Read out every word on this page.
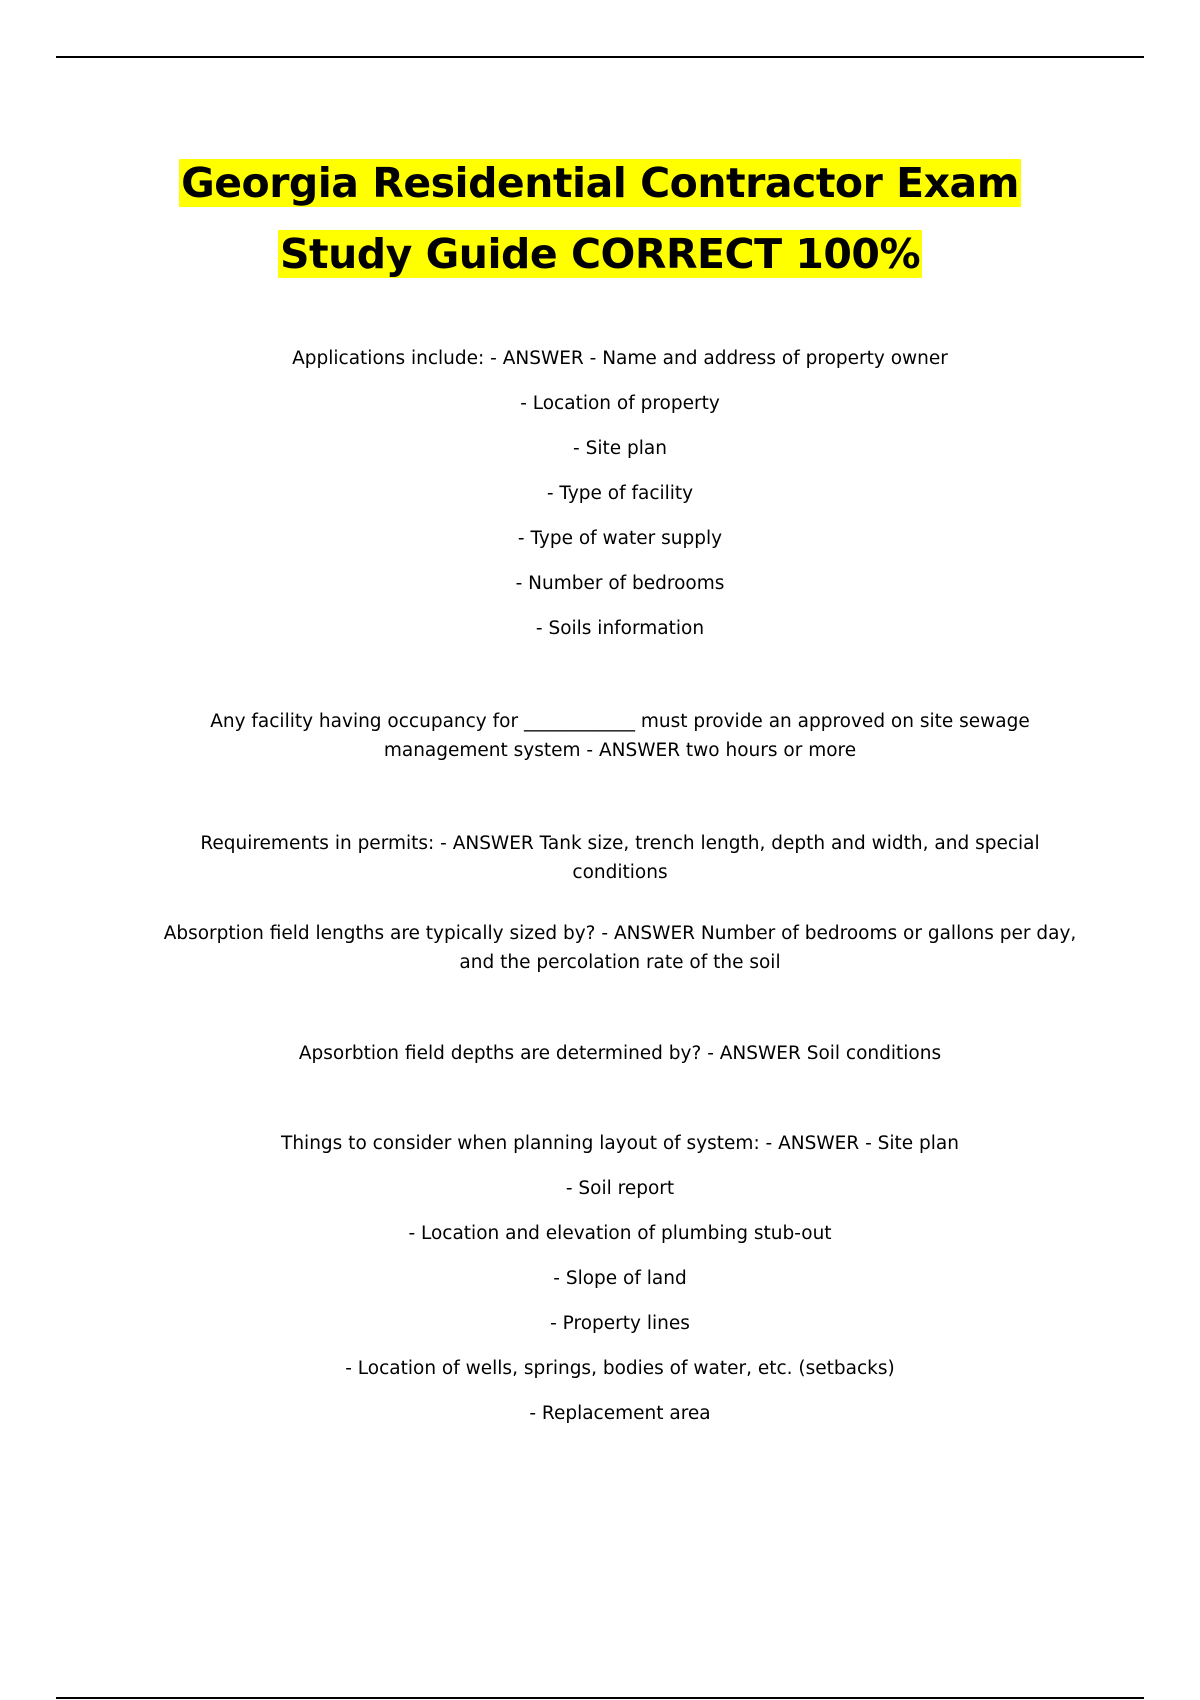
Georgia Residential Contractor Exam Study Guide CORRECT 100%
Applications include: - ANSWER - Name and address of property owner
- Location of property
- Site plan
- Type of facility
- Type of water supply
- Number of bedrooms
- Soils information
Any facility having occupancy for ____________ must provide an approved on site sewage management system - ANSWER two hours or more
Requirements in permits: - ANSWER Tank size, trench length, depth and width, and special conditions
Absorption field lengths are typically sized by? - ANSWER Number of bedrooms or gallons per day, and the percolation rate of the soil
Apsorbtion field depths are determined by? - ANSWER Soil conditions
Things to consider when planning layout of system: - ANSWER - Site plan
- Soil report
- Location and elevation of plumbing stub-out
- Slope of land
- Property lines
- Location of wells, springs, bodies of water, etc. (setbacks)
- Replacement area
